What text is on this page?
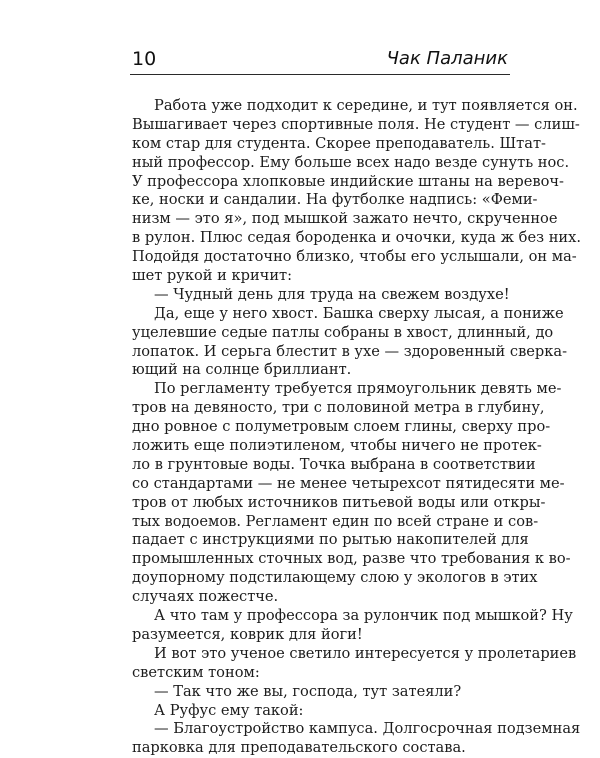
10	Чак Паланик
Работа уже подходит к середине, и тут появляется он.
Вышагивает через спортивные поля. Не студент — слиш-
ком стар для студента. Скорее преподаватель. Штат-
ный профессор. Ему больше всех надо везде сунуть нос.
У профессора хлопковые индийские штаны на веревоч-
ке, носки и сандалии. На футболке надпись: «Феми-
низм — это я», под мышкой зажато нечто, скрученное
в рулон. Плюс седая бороденка и очочки, куда ж без них.
Подойдя достаточно близко, чтобы его услышали, он ма-
шет рукой и кричит:
— Чудный день для труда на свежем воздухе!
Да, еще у него хвост. Башка сверху лысая, а пониже
уцелевшие седые патлы собраны в хвост, длинный, до
лопаток. И серьга блестит в ухе — здоровенный сверка-
ющий на солнце бриллиант.
По регламенту требуется прямоугольник девять ме-
тров на девяносто, три с половиной метра в глубину,
дно ровное с полуметровым слоем глины, сверху про-
ложить еще полиэтиленом, чтобы ничего не протек-
ло в грунтовые воды. Точка выбрана в соответствии
со стандартами — не менее четырехсот пятидесяти ме-
тров от любых источников питьевой воды или откры-
тых водоемов. Регламент един по всей стране и сов-
падает с инструкциями по рытью накопителей для
промышленных сточных вод, разве что требования к во-
доупорному подстилающему слою у экологов в этих
случаях пожестче.
А что там у профессора за рулончик под мышкой? Ну
разумеется, коврик для йоги!
И вот это ученое светило интересуется у пролетариев
светским тоном:
— Так что же вы, господа, тут затеяли?
А Руфус ему такой:
— Благоустройство кампуса. Долгосрочная подземная
парковка для преподавательского состава.
